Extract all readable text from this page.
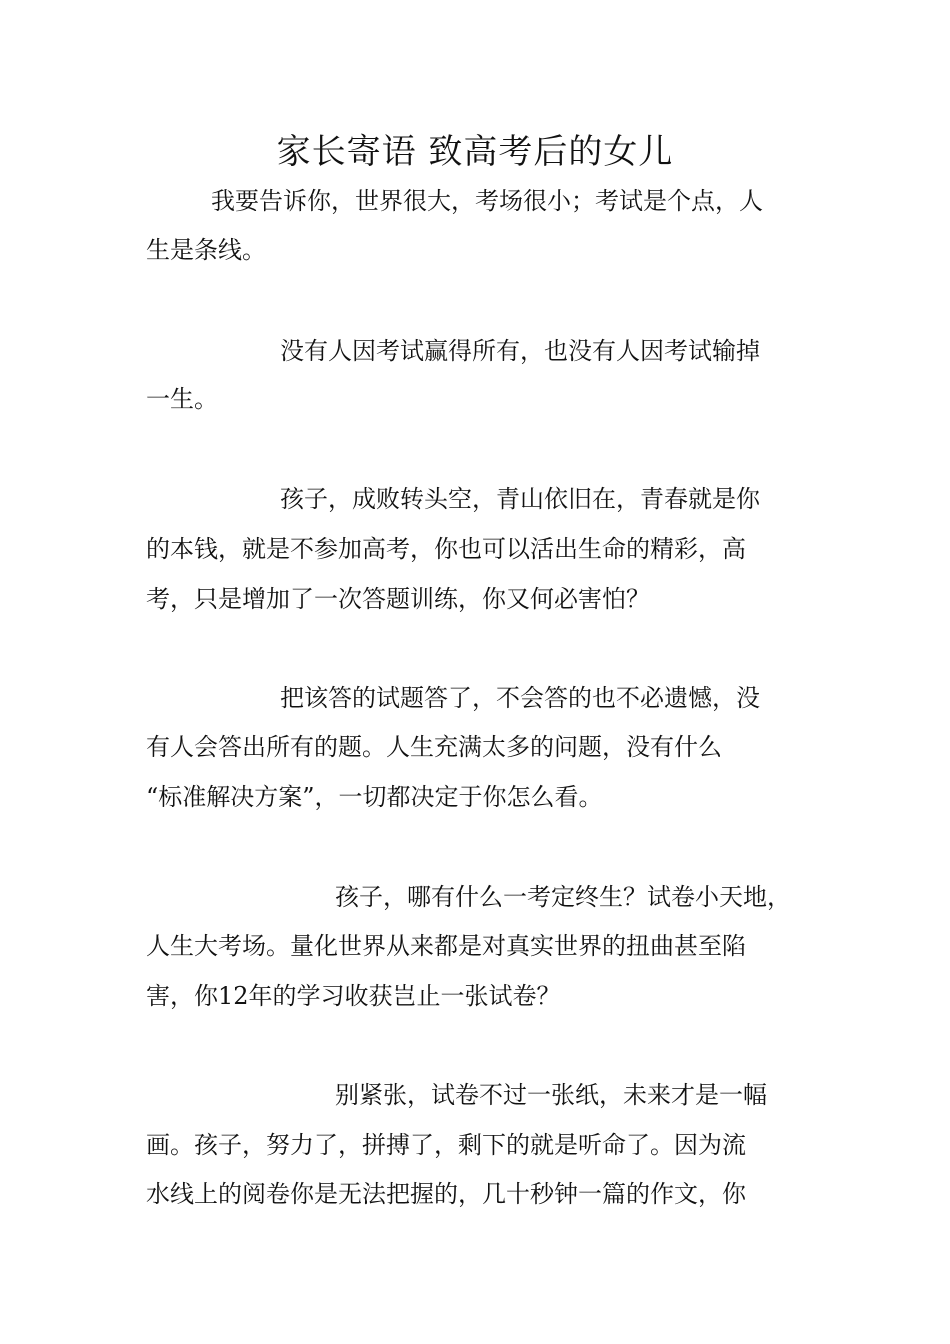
家长寄语 致高考后的女儿

我要告诉你，世界很大，考场很小；考试是个点，人

生是条线。

没有人因考试赢得所有，也没有人因考试输掉

一生。

孩子，成败转头空，青山依旧在，青春就是你

的本钱，就是不参加高考，你也可以活出生命的精彩，高

考，只是增加了一次答题训练，你又何必害怕？

把该答的试题答了，不会答的也不必遗憾，没

有人会答出所有的题。人生充满太多的问题，没有什么

“标准解决方案”，一切都决定于你怎么看。

孩子，哪有什么一考定终生？试卷小天地，

人生大考场。量化世界从来都是对真实世界的扭曲甚至陷

害，你12年的学习收获岂止一张试卷？

别紧张，试卷不过一张纸，未来才是一幅

画。孩子，努力了，拼搏了，剩下的就是听命了。因为流

水线上的阅卷你是无法把握的，几十秒钟一篇的作文，你
